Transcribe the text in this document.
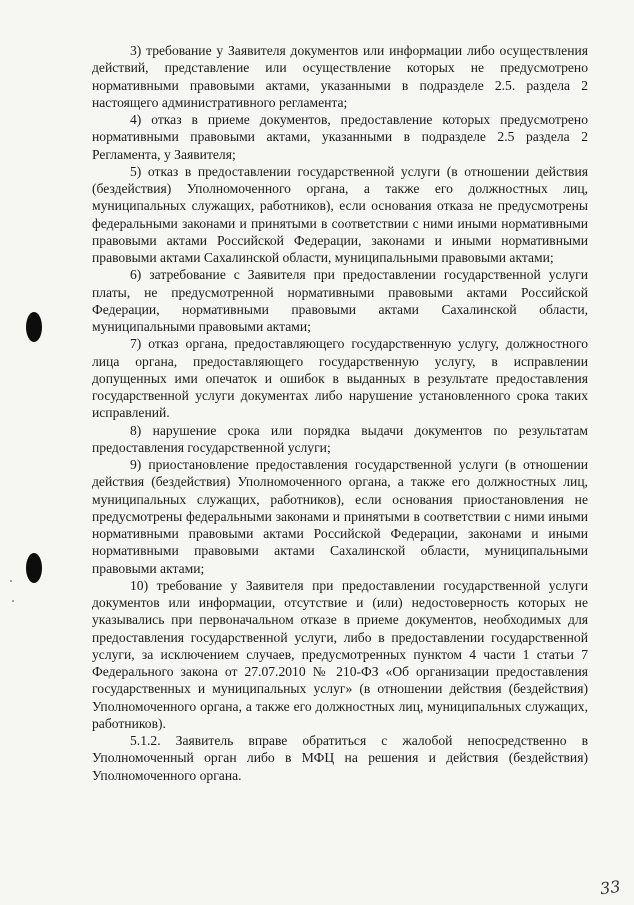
3) требование у Заявителя документов или информации либо осуществления действий, представление или осуществление которых не предусмотрено нормативными правовыми актами, указанными в подразделе 2.5. раздела 2 настоящего административного регламента;

4) отказ в приеме документов, предоставление которых предусмотрено нормативными правовыми актами, указанными в подразделе 2.5 раздела 2 Регламента, у Заявителя;

5) отказ в предоставлении государственной услуги (в отношении действия (бездействия) Уполномоченного органа, а также его должностных лиц, муниципальных служащих, работников), если основания отказа не предусмотрены федеральными законами и принятыми в соответствии с ними иными нормативными правовыми актами Российской Федерации, законами и иными нормативными правовыми актами Сахалинской области, муниципальными правовыми актами;

6) затребование с Заявителя при предоставлении государственной услуги платы, не предусмотренной нормативными правовыми актами Российской Федерации, нормативными правовыми актами Сахалинской области, муниципальными правовыми актами;

7) отказ органа, предоставляющего государственную услугу, должностного лица органа, предоставляющего государственную услугу, в исправлении допущенных ими опечаток и ошибок в выданных в результате предоставления государственной услуги документах либо нарушение установленного срока таких исправлений.

8) нарушение срока или порядка выдачи документов по результатам предоставления государственной услуги;

9) приостановление предоставления государственной услуги (в отношении действия (бездействия) Уполномоченного органа, а также его должностных лиц, муниципальных служащих, работников), если основания приостановления не предусмотрены федеральными законами и принятыми в соответствии с ними иными нормативными правовыми актами Российской Федерации, законами и иными нормативными правовыми актами Сахалинской области, муниципальными правовыми актами;

10) требование у Заявителя при предоставлении государственной услуги документов или информации, отсутствие и (или) недостоверность которых не указывались при первоначальном отказе в приеме документов, необходимых для предоставления государственной услуги, либо в предоставлении государственной услуги, за исключением случаев, предусмотренных пунктом 4 части 1 статьи 7 Федерального закона от 27.07.2010 № 210-ФЗ «Об организации предоставления государственных и муниципальных услуг» (в отношении действия (бездействия) Уполномоченного органа, а также его должностных лиц, муниципальных служащих, работников).

5.1.2. Заявитель вправе обратиться с жалобой непосредственно в Уполномоченный орган либо в МФЦ на решения и действия (бездействия) Уполномоченного органа.

33
